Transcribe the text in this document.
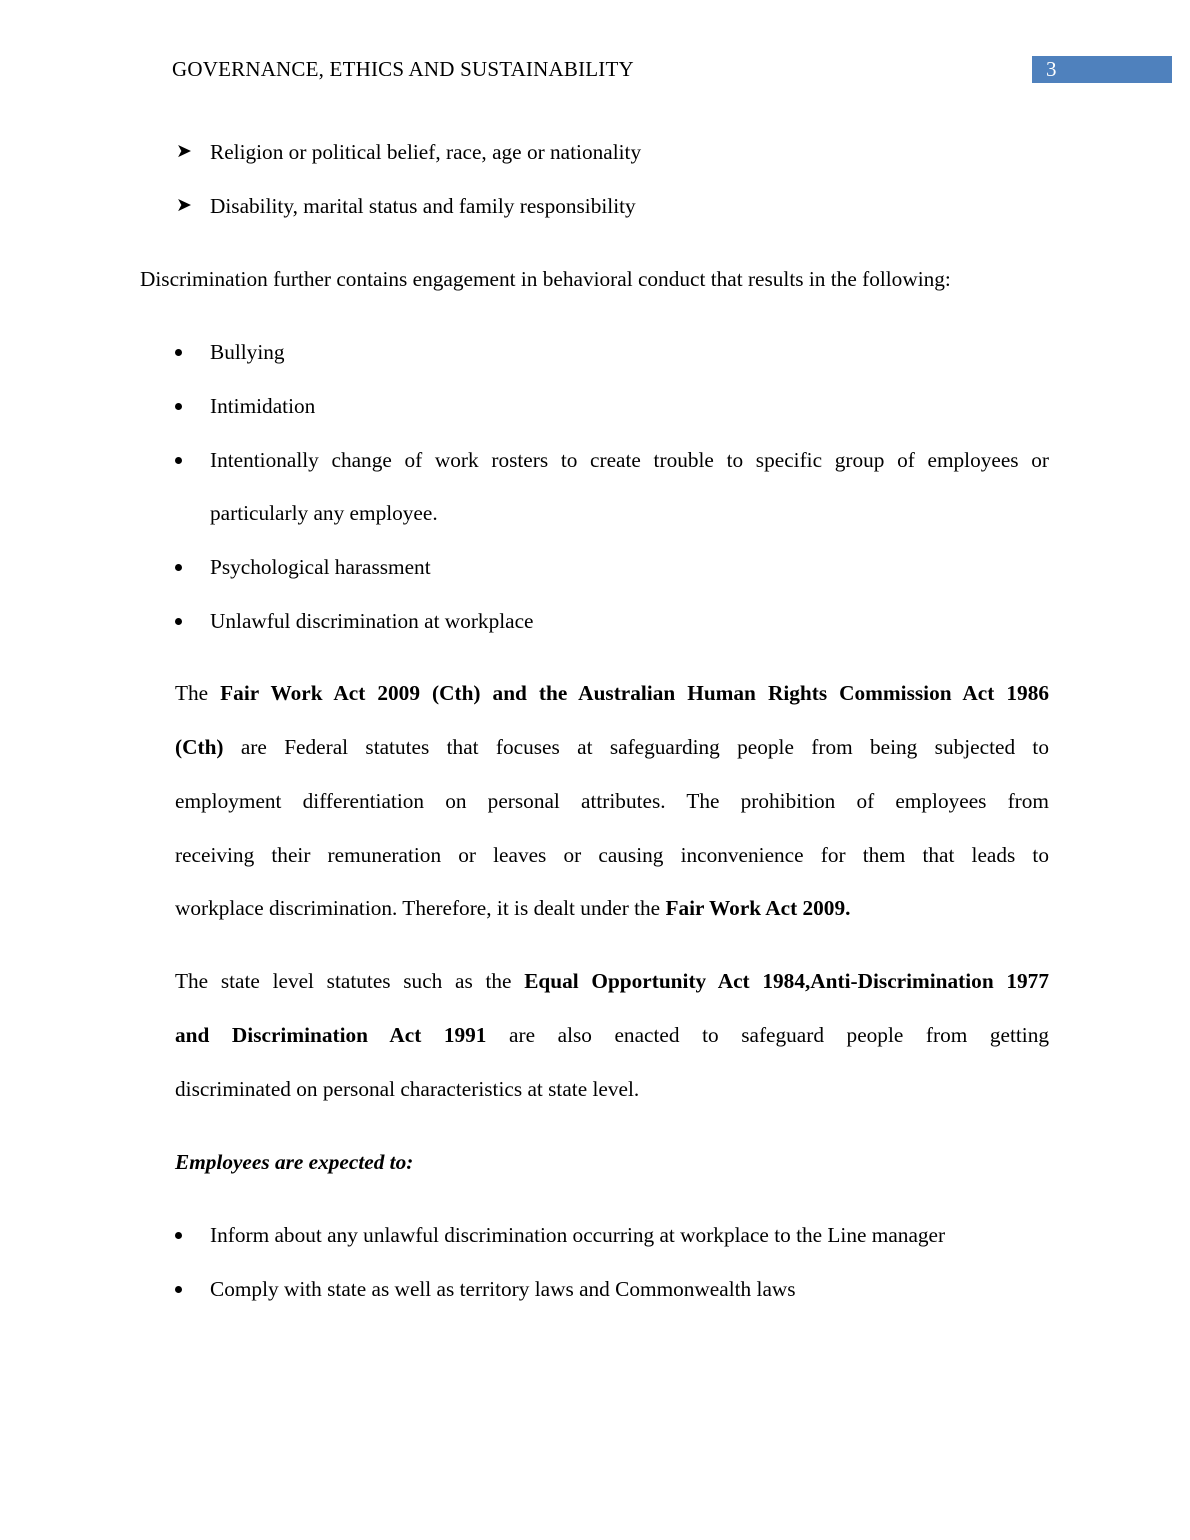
GOVERNANCE, ETHICS AND SUSTAINABILITY	3
➤ Religion or political belief, race, age or nationality
➤ Disability, marital status and family responsibility
Discrimination further contains engagement in behavioral conduct that results in the following:
Bullying
Intimidation
Intentionally change of work rosters to create trouble to specific group of employees or
particularly any employee.
Psychological harassment
Unlawful discrimination at workplace
The Fair Work Act 2009 (Cth) and the Australian Human Rights Commission Act 1986
(Cth) are Federal statutes that focuses at safeguarding people from being subjected to
employment differentiation on personal attributes. The prohibition of employees from
receiving their remuneration or leaves or causing inconvenience for them that leads to
workplace discrimination. Therefore, it is dealt under the Fair Work Act 2009.
The state level statutes such as the Equal Opportunity Act 1984,Anti-Discrimination 1977
and Discrimination Act 1991 are also enacted to safeguard people from getting
discriminated on personal characteristics at state level.
Employees are expected to:
Inform about any unlawful discrimination occurring at workplace to the Line manager
Comply with state as well as territory laws and Commonwealth laws
